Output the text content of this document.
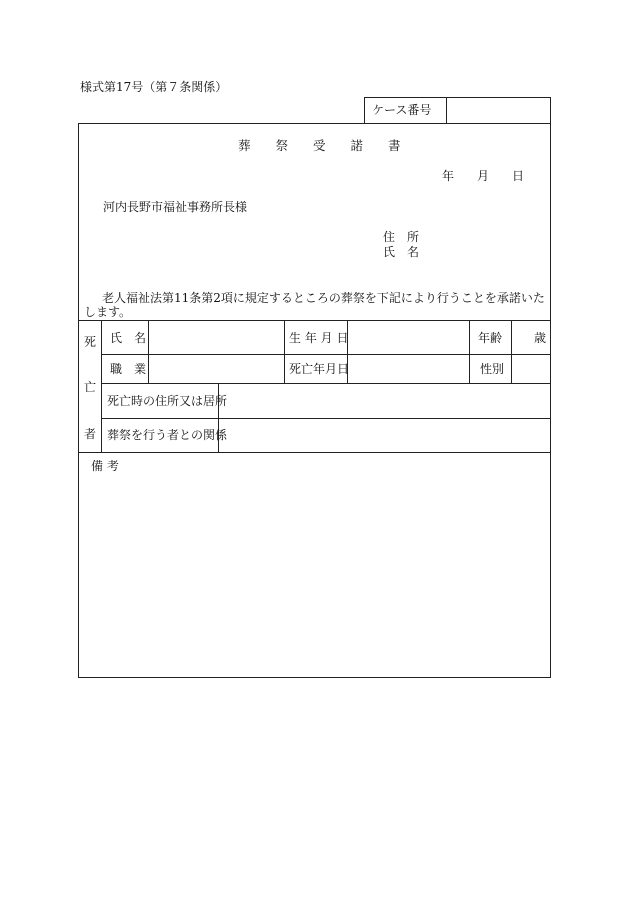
様式第17号（第７条関係）
ケース番号
葬　　祭　　受　　諾　　書
年 月 日
河内長野市福祉事務所長様
住　所
氏　名
老人福祉法第11条第2項に規定するところの葬祭を下記により行うことを承諾いた
します。
死
亡
者
氏　名	生 年 月 日	年齢	歳
職　業	死亡年月日	性別
死亡時の住所又は居所
葬祭を行う者との関係
備 考
